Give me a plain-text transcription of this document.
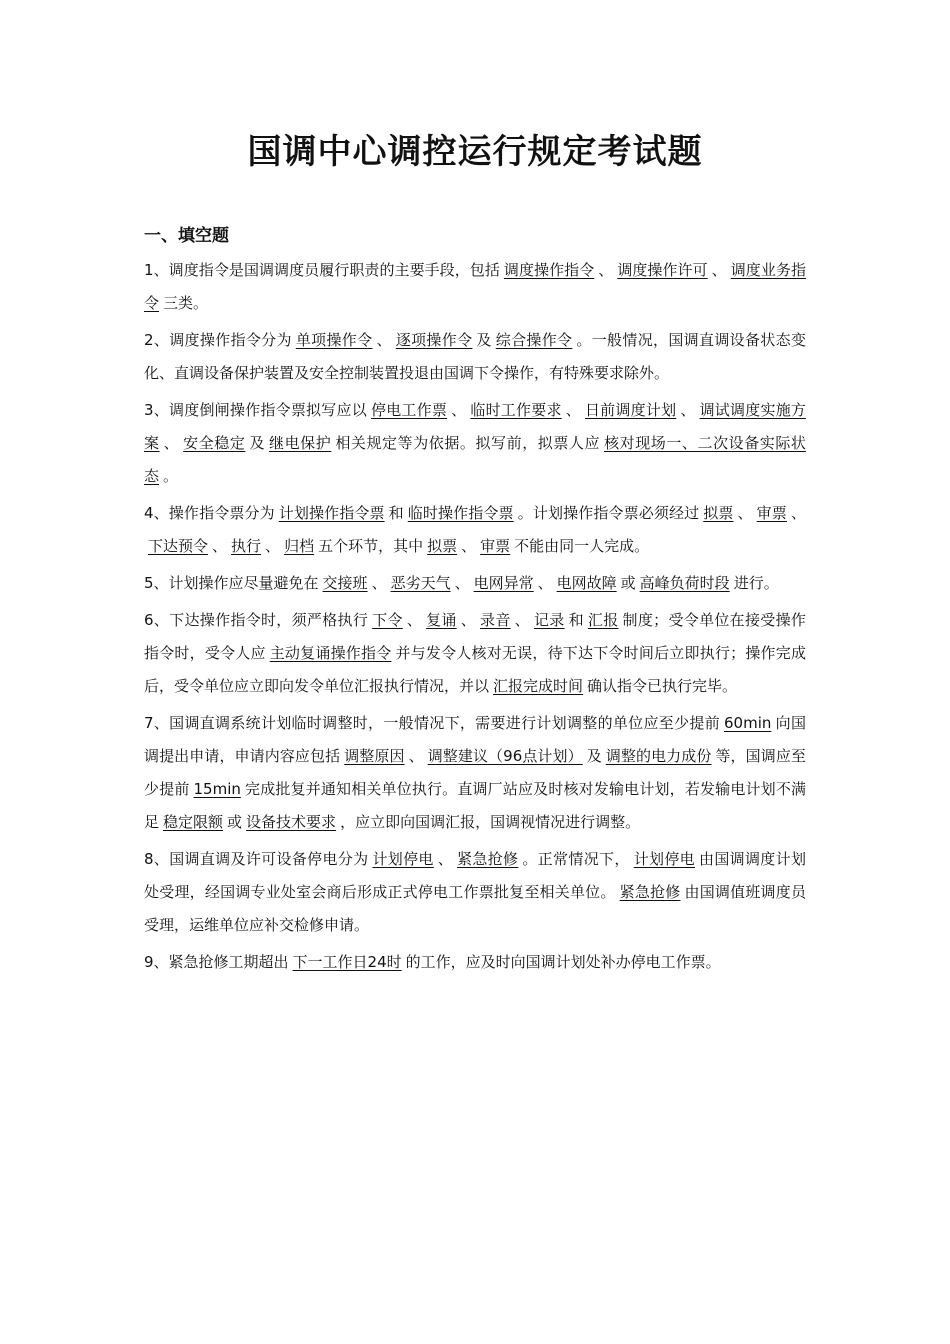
国调中心调控运行规定考试题
一、填空题

1、调度指令是国调调度员履行职责的主要手段，包括 调度操作指令 、 调度操作许可 、 调度业务指令 三类。

2、调度操作指令分为 单项操作令 、 逐项操作令 及 综合操作令 。一般情况，国调直调设备状态变化、直调设备保护装置及安全控制装置投退由国调下令操作，有特殊要求除外。

3、调度倒闸操作指令票拟写应以 停电工作票 、 临时工作要求 、 日前调度计划 、 调试调度实施方案 、 安全稳定 及 继电保护 相关规定等为依据。拟写前，拟票人应 核对现场一、二次设备实际状态 。

4、操作指令票分为 计划操作指令票 和 临时操作指令票 。计划操作指令票必须经过 拟票 、 审票 、下达预令 、 执行 、 归档 五个环节，其中 拟票 、 审票 不能由同一人完成。

5、计划操作应尽量避免在 交接班 、 恶劣天气 、 电网异常 、 电网故障 或 高峰负荷时段 进行。

6、下达操作指令时，须严格执行 下令 、 复诵 、 录音 、 记录 和 汇报 制度；受令单位在接受操作指令时，受令人应 主动复诵操作指令 并与发令人核对无误，待下达下令时间后立即执行；操作完成后，受令单位应立即向发令单位汇报执行情况，并以 汇报完成时间 确认指令已执行完毕。

7、国调直调系统计划临时调整时，一般情况下，需要进行计划调整的单位应至少提前 60min 向国调提出申请，申请内容应包括 调整原因 、 调整建议（96点计划） 及 调整的电力成份 等，国调应至少提前 15min 完成批复并通知相关单位执行。直调厂站应及时核对发输电计划，若发输电计划不满足 稳定限额 或 设备技术要求 ，应立即向国调汇报，国调视情况进行调整。

8、国调直调及许可设备停电分为 计划停电 、 紧急抢修 。正常情况下， 计划停电 由国调调度计划处受理，经国调专业处室会商后形成正式停电工作票批复至相关单位。 紧急抢修 由国调值班调度员受理，运维单位应补交检修申请。

9、紧急抢修工期超出 下一工作日24时 的工作，应及时向国调计划处补办停电工作票。
